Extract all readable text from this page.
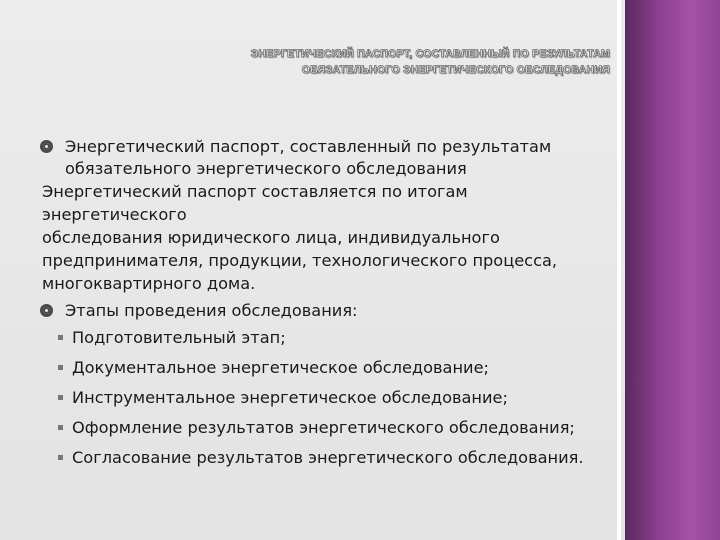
ЭНЕРГЕТИЧЕСКИЙ ПАСПОРТ, СОСТАВЛЕННЫЙ ПО РЕЗУЛЬТАТАМ
ОБЯЗАТЕЛЬНОГО ЭНЕРГЕТИЧЕСКОГО ОБСЛЕДОВАНИЯ
Энергетический паспорт, составленный по результатам
обязательного энергетического обследования
Энергетический паспорт составляется по итогам энергетического
обследования юридического лица, индивидуального
предпринимателя, продукции, технологического процесса,
многоквартирного дома.
Этапы проведения обследования:
Подготовительный этап;
Документальное энергетическое обследование;
Инструментальное энергетическое обследование;
Оформление результатов энергетического обследования;
Согласование результатов энергетического обследования.
